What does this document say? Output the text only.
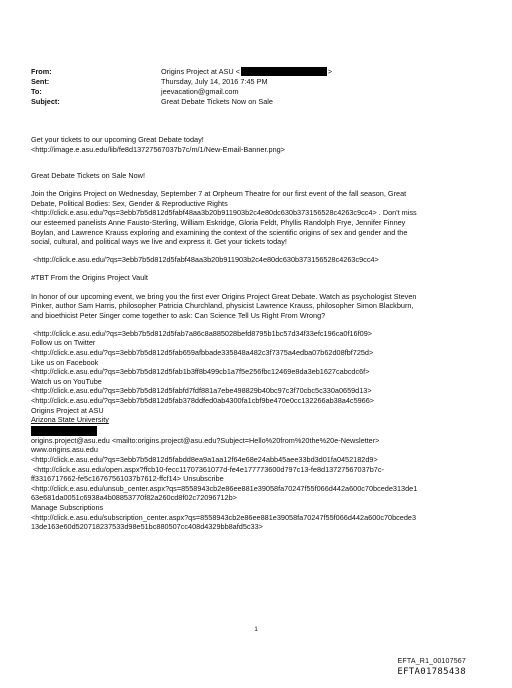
From:	Origins Project at ASU <	>
Sent:	Thursday, July 14, 2016 7:45 PM
To:	jeevacation@gmail.com
Subject:	Great Debate Tickets Now on Sale
Get your tickets to our upcoming Great Debate today!
<http://image.e.asu.edu/lib/fe8d13727567037b7c/m/1/New-Email-Banner.png>
Great Debate Tickets on Sale Now!
Join the Origins Project on Wednesday, September 7 at Orpheum Theatre for our first event of the fall season, Great
Debate, Political Bodies: Sex, Gender & Reproductive Rights
<http://click.e.asu.edu/?qs=3ebb7b5d812d5fabf48aa3b20b911903b2c4e80dc630b373156528c4263c9cc4> . Don't miss
our esteemed panelists Anne Fausto-Sterling, William Eskridge, Gloria Feldt, Phyllis Randolph Frye, Jennifer Finney
Boylan, and Lawrence Krauss exploring and examining the context of the scientific origins of sex and gender and the
social, cultural, and political ways we live and express it. Get your tickets today!
<http://click.e.asu.edu/?qs=3ebb7b5d812d5fabf48aa3b20b911903b2c4e80dc630b373156528c4263c9cc4>
#TBT From the Origins Project Vault
In honor of our upcoming event, we bring you the first ever Origins Project Great Debate. Watch as psychologist Steven
Pinker, author Sam Harris, philosopher Patricia Churchland, physicist Lawrence Krauss, philosopher Simon Blackburn,
and bioethicist Peter Singer come together to ask: Can Science Tell Us Right From Wrong?
<http://click.e.asu.edu/?qs=3ebb7b5d812d5fab7a86c8a885028befd8795b1bc57d34f33efc196ca0f16f09>
Follow us on Twitter
<http://click.e.asu.edu/?qs=3ebb7b5d812d5fab659afbbade335848a482c3f7375a4edba07b62d08fbf725d>
Like us on Facebook
<http://click.e.asu.edu/?qs=3ebb7b5d812d5fab1b3ff8b499cb1a7f5e256fbc12469e8da3eb1627cabcdc6f>
Watch us on YouTube
<http://click.e.asu.edu/?qs=3ebb7b5d812d5fabfd7fdf881a7ebe498829b40bc97c3f70cbc5c330a0659d13>
<http://click.e.asu.edu/?qs=3ebb7b5d812d5fab378ddfed0ab4300fa1cbf9be470e0cc132266ab38a4c5966>
Origins Project at ASU
Arizona State University
origins.project@asu.edu <mailto:origins.project@asu.edu?Subject=Hello%20from%20the%20e-Newsletter>
www.origins.asu.edu
<http://click.e.asu.edu/?qs=3ebb7b5d812d5fabdd8ea9a1aa12f64e68e24abb45aee33bd3d01fa0452182d9>
<http://click.e.asu.edu/open.aspx?ffcb10-fecc11707361077d-fe4e177773600d797c13-fe8d13727567037b7c-
ff3316717662-fe5c16767561037b7612-ffcf14> Unsubscribe
<http://click.e.asu.edu/unsub_center.aspx?qs=8558943cb2e86ee881e39058fa70247f55f066d442a600c70bcede313de1
63e681da0051c6938a4b08853770f82a260cd8f02c72096712b>
Manage Subscriptions
<http://click.e.asu.edu/subscription_center.aspx?qs=8558943cb2e86ee881e39058fa70247f55f066d442a600c70bcede3
13de163e60d520718237533d98e51bc880507cc408d4329bb8afd5c33>
1
EFTA_R1_00107567
EFTA01785438
